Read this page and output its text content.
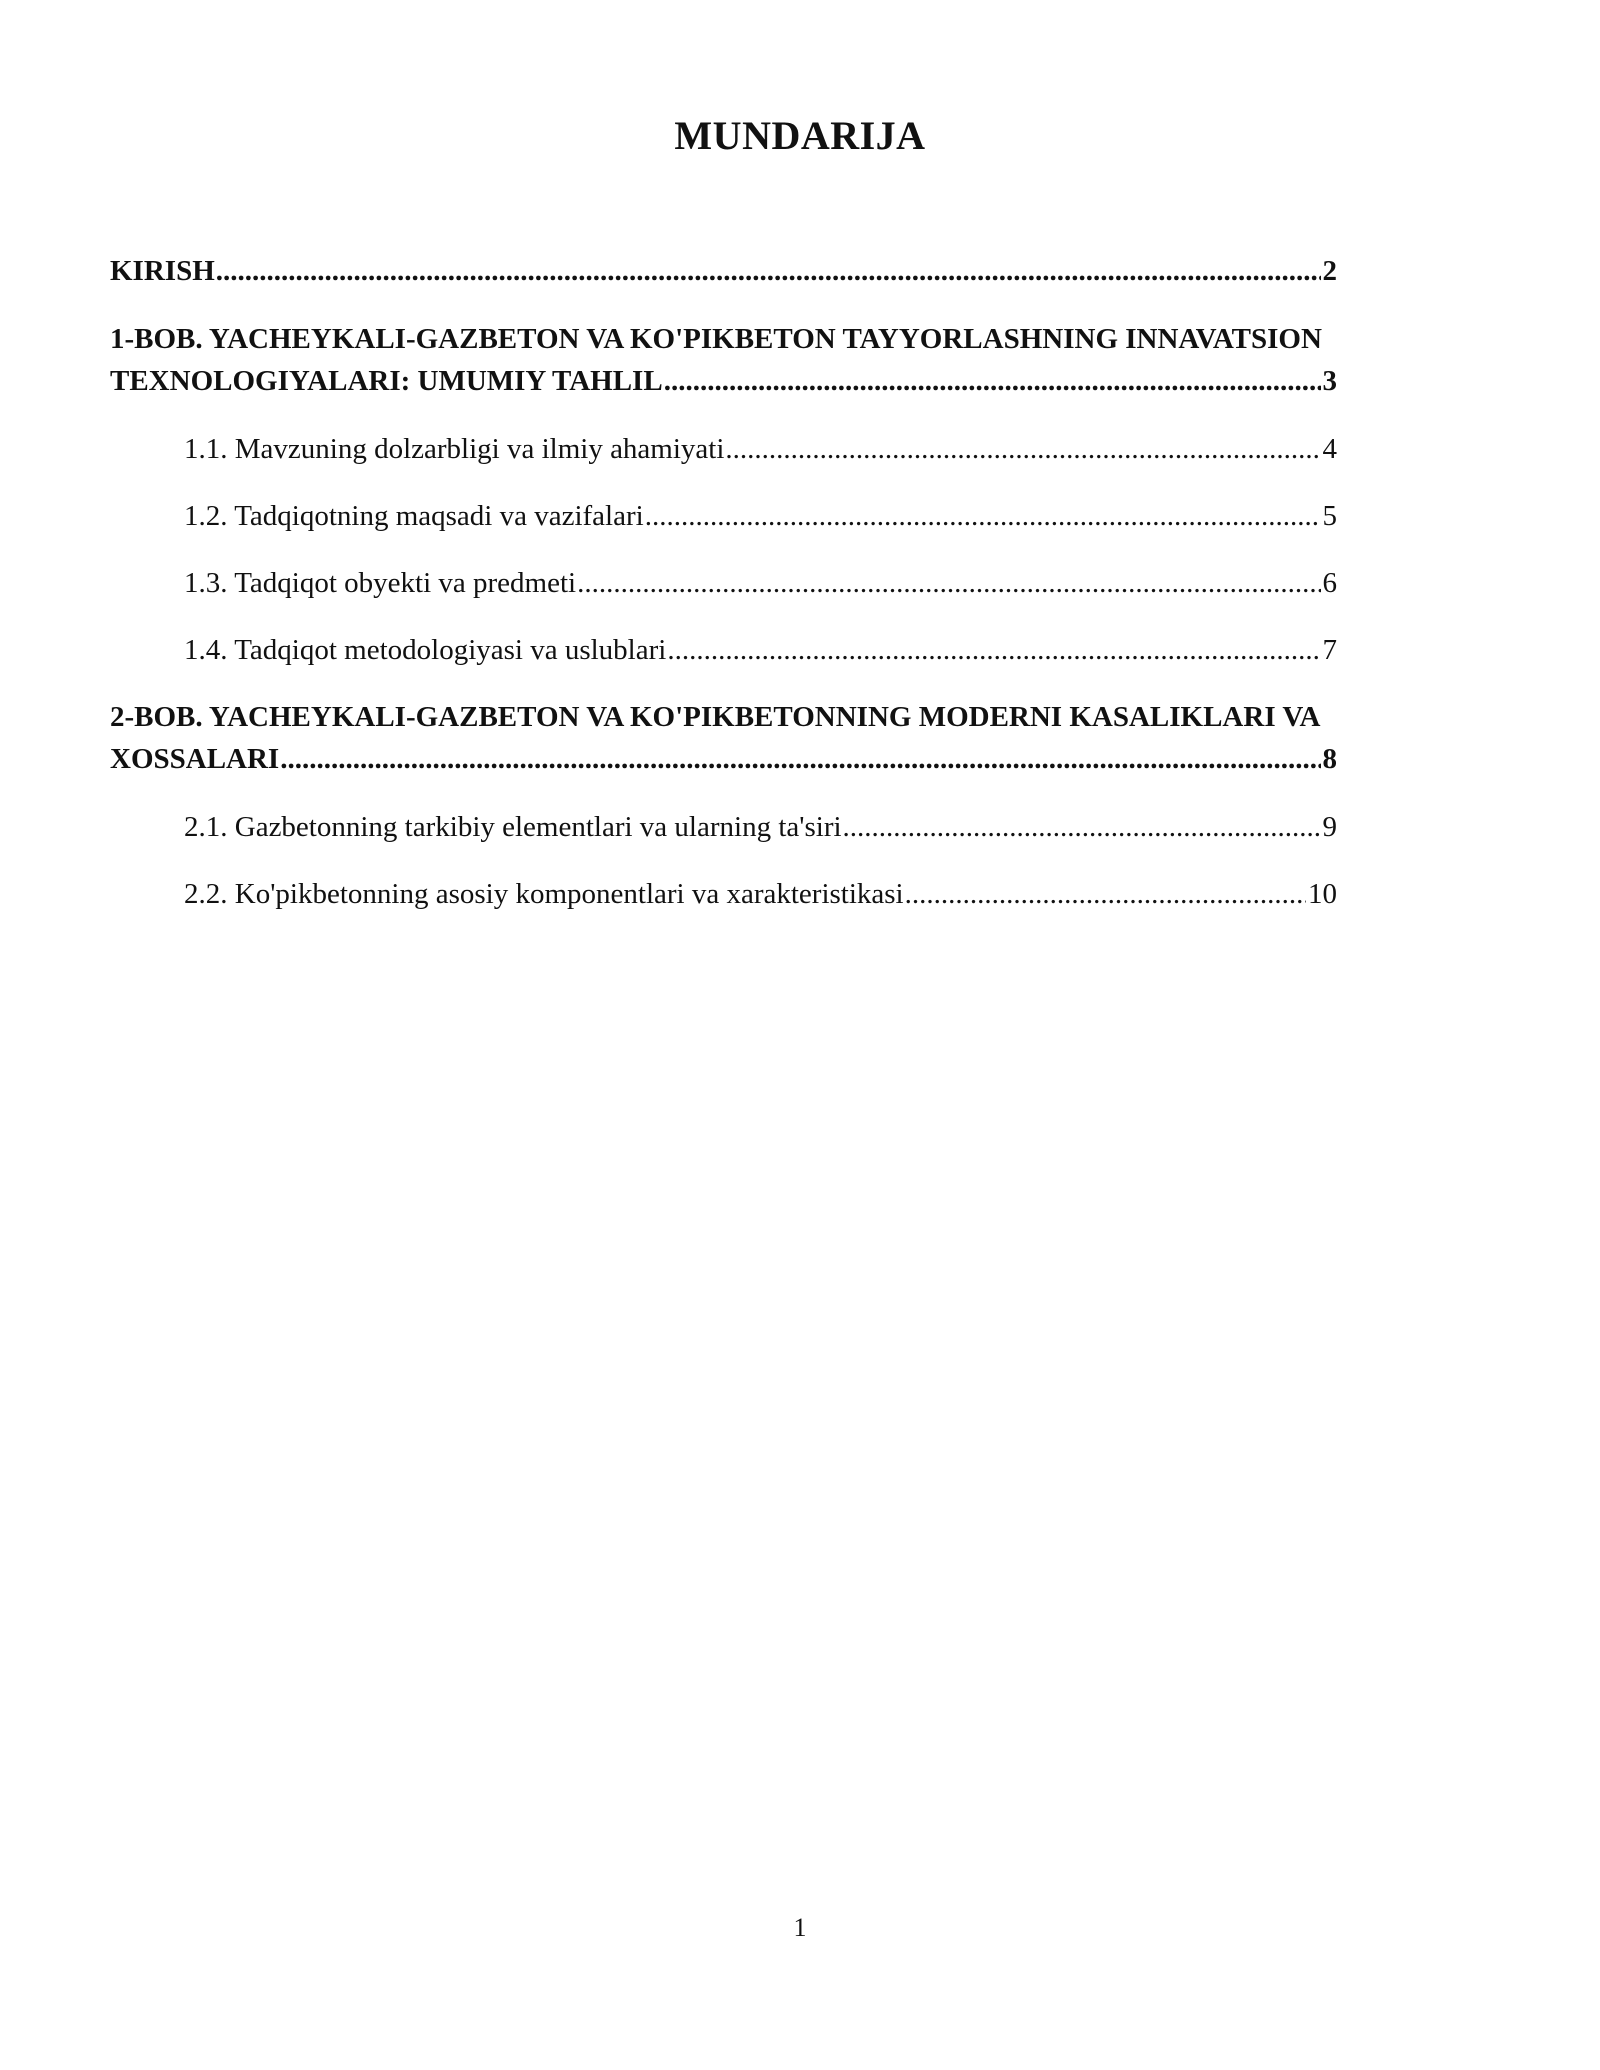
MUNDARIJA
KIRISH .....	2
1-BOB. YACHEYKALI-GAZBETON VA KO'PIKBETON TAYYORLASHNING INNAVATSION
TEXNOLOGIYALARI: UMUMIY TAHLIL .....	3
1.1. Mavzuning dolzarbligi va ilmiy ahamiyati .....	4
1.2. Tadqiqotning maqsadi va vazifalari .....	5
1.3. Tadqiqot obyekti va predmeti .....	6
1.4. Tadqiqot metodologiyasi va uslublari .....	7
2-BOB. YACHEYKALI-GAZBETON VA KO'PIKBETONNING MODERNI KASALIKLARI VA
XOSSALARI .....	8
2.1. Gazbetonning tarkibiy elementlari va ularning ta'siri .....	9
2.2. Ko'pikbetonning asosiy komponentlari va xarakteristikasi .....	10
1
